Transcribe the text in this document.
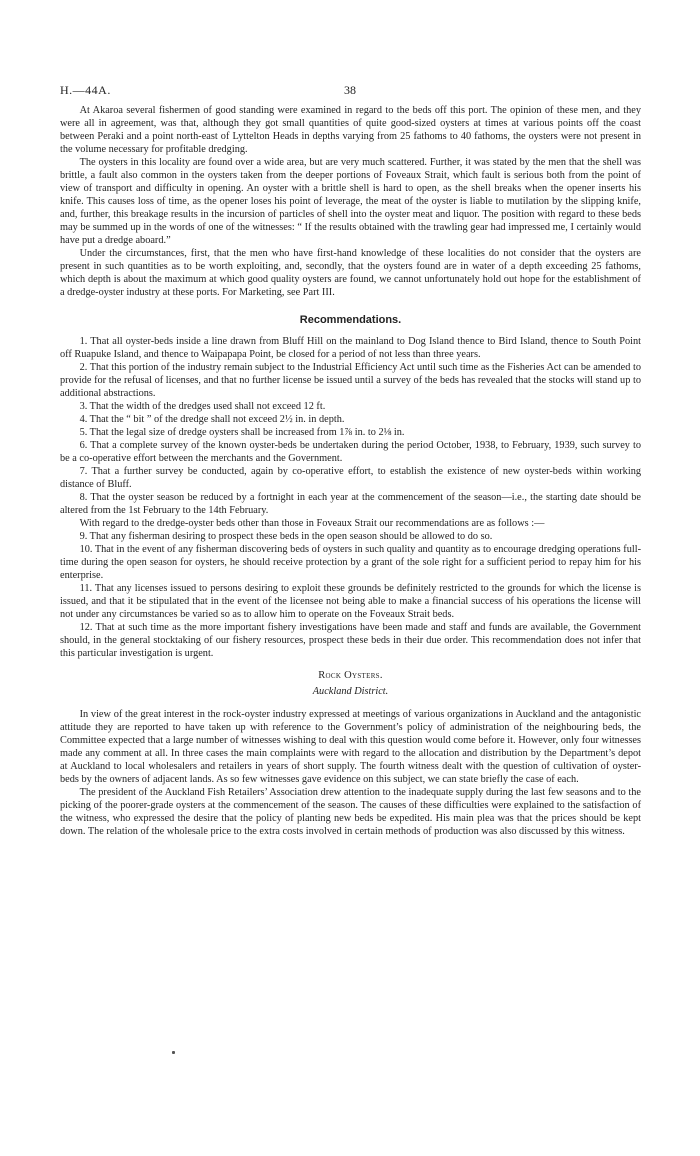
H.—44A.	38

At Akaroa several fishermen of good standing were examined in regard to the beds off this port. The opinion of these men, and they were all in agreement, was that, although they got small quantities of quite good-sized oysters at times at various points off the coast between Peraki and a point north-east of Lyttelton Heads in depths varying from 25 fathoms to 40 fathoms, the oysters were not present in the volume necessary for profitable dredging.

The oysters in this locality are found over a wide area, but are very much scattered. Further, it was stated by the men that the shell was brittle, a fault also common in the oysters taken from the deeper portions of Foveaux Strait, which fault is serious both from the point of view of transport and difficulty in opening. An oyster with a brittle shell is hard to open, as the shell breaks when the opener inserts his knife. This causes loss of time, as the opener loses his point of leverage, the meat of the oyster is liable to mutilation by the slipping knife, and, further, this breakage results in the incursion of particles of shell into the oyster meat and liquor. The position with regard to these beds may be summed up in the words of one of the witnesses: “ If the results obtained with the trawling gear had impressed me, I certainly would have put a dredge aboard.”

Under the circumstances, first, that the men who have first-hand knowledge of these localities do not consider that the oysters are present in such quantities as to be worth exploiting, and, secondly, that the oysters found are in water of a depth exceeding 25 fathoms, which depth is about the maximum at which good quality oysters are found, we cannot unfortunately hold out hope for the establishment of a dredge-oyster industry at these ports. For Marketing, see Part III.

Recommendations.

1. That all oyster-beds inside a line drawn from Bluff Hill on the mainland to Dog Island thence to Bird Island, thence to South Point off Ruapuke Island, and thence to Waipapapa Point, be closed for a period of not less than three years.

2. That this portion of the industry remain subject to the Industrial Efficiency Act until such time as the Fisheries Act can be amended to provide for the refusal of licenses, and that no further license be issued until a survey of the beds has revealed that the stocks will stand up to additional abstractions.

3. That the width of the dredges used shall not exceed 12 ft.

4. That the “ bit ” of the dredge shall not exceed 2½ in. in depth.

5. That the legal size of dredge oysters shall be increased from 1⅞ in. to 2⅛ in.

6. That a complete survey of the known oyster-beds be undertaken during the period October, 1938, to February, 1939, such survey to be a co-operative effort between the merchants and the Government.

7. That a further survey be conducted, again by co-operative effort, to establish the existence of new oyster-beds within working distance of Bluff.

8. That the oyster season be reduced by a fortnight in each year at the commencement of the season—i.e., the starting date should be altered from the 1st February to the 14th February.

With regard to the dredge-oyster beds other than those in Foveaux Strait our recommendations are as follows :—

9. That any fisherman desiring to prospect these beds in the open season should be allowed to do so.

10. That in the event of any fisherman discovering beds of oysters in such quality and quantity as to encourage dredging operations full-time during the open season for oysters, he should receive protection by a grant of the sole right for a sufficient period to repay him for his enterprise.

11. That any licenses issued to persons desiring to exploit these grounds be definitely restricted to the grounds for which the license is issued, and that it be stipulated that in the event of the licensee not being able to make a financial success of his operations the license will not under any circumstances be varied so as to allow him to operate on the Foveaux Strait beds.

12. That at such time as the more important fishery investigations have been made and staff and funds are available, the Government should, in the general stocktaking of our fishery resources, prospect these beds in their due order. This recommendation does not infer that this particular investigation is urgent.

Rock Oysters.
Auckland District.

In view of the great interest in the rock-oyster industry expressed at meetings of various organizations in Auckland and the antagonistic attitude they are reported to have taken up with reference to the Government’s policy of administration of the neighbouring beds, the Committee expected that a large number of witnesses wishing to deal with this question would come before it. However, only four witnesses made any comment at all. In three cases the main complaints were with regard to the allocation and distribution by the Department’s depot at Auckland to local wholesalers and retailers in years of short supply. The fourth witness dealt with the question of cultivation of oyster-beds by the owners of adjacent lands. As so few witnesses gave evidence on this subject, we can state briefly the case of each.

The president of the Auckland Fish Retailers’ Association drew attention to the inadequate supply during the last few seasons and to the picking of the poorer-grade oysters at the commencement of the season. The causes of these difficulties were explained to the satisfaction of the witness, who expressed the desire that the policy of planting new beds be expedited. His main plea was that the prices should be kept down. The relation of the wholesale price to the extra costs involved in certain methods of production was also discussed by this witness.
